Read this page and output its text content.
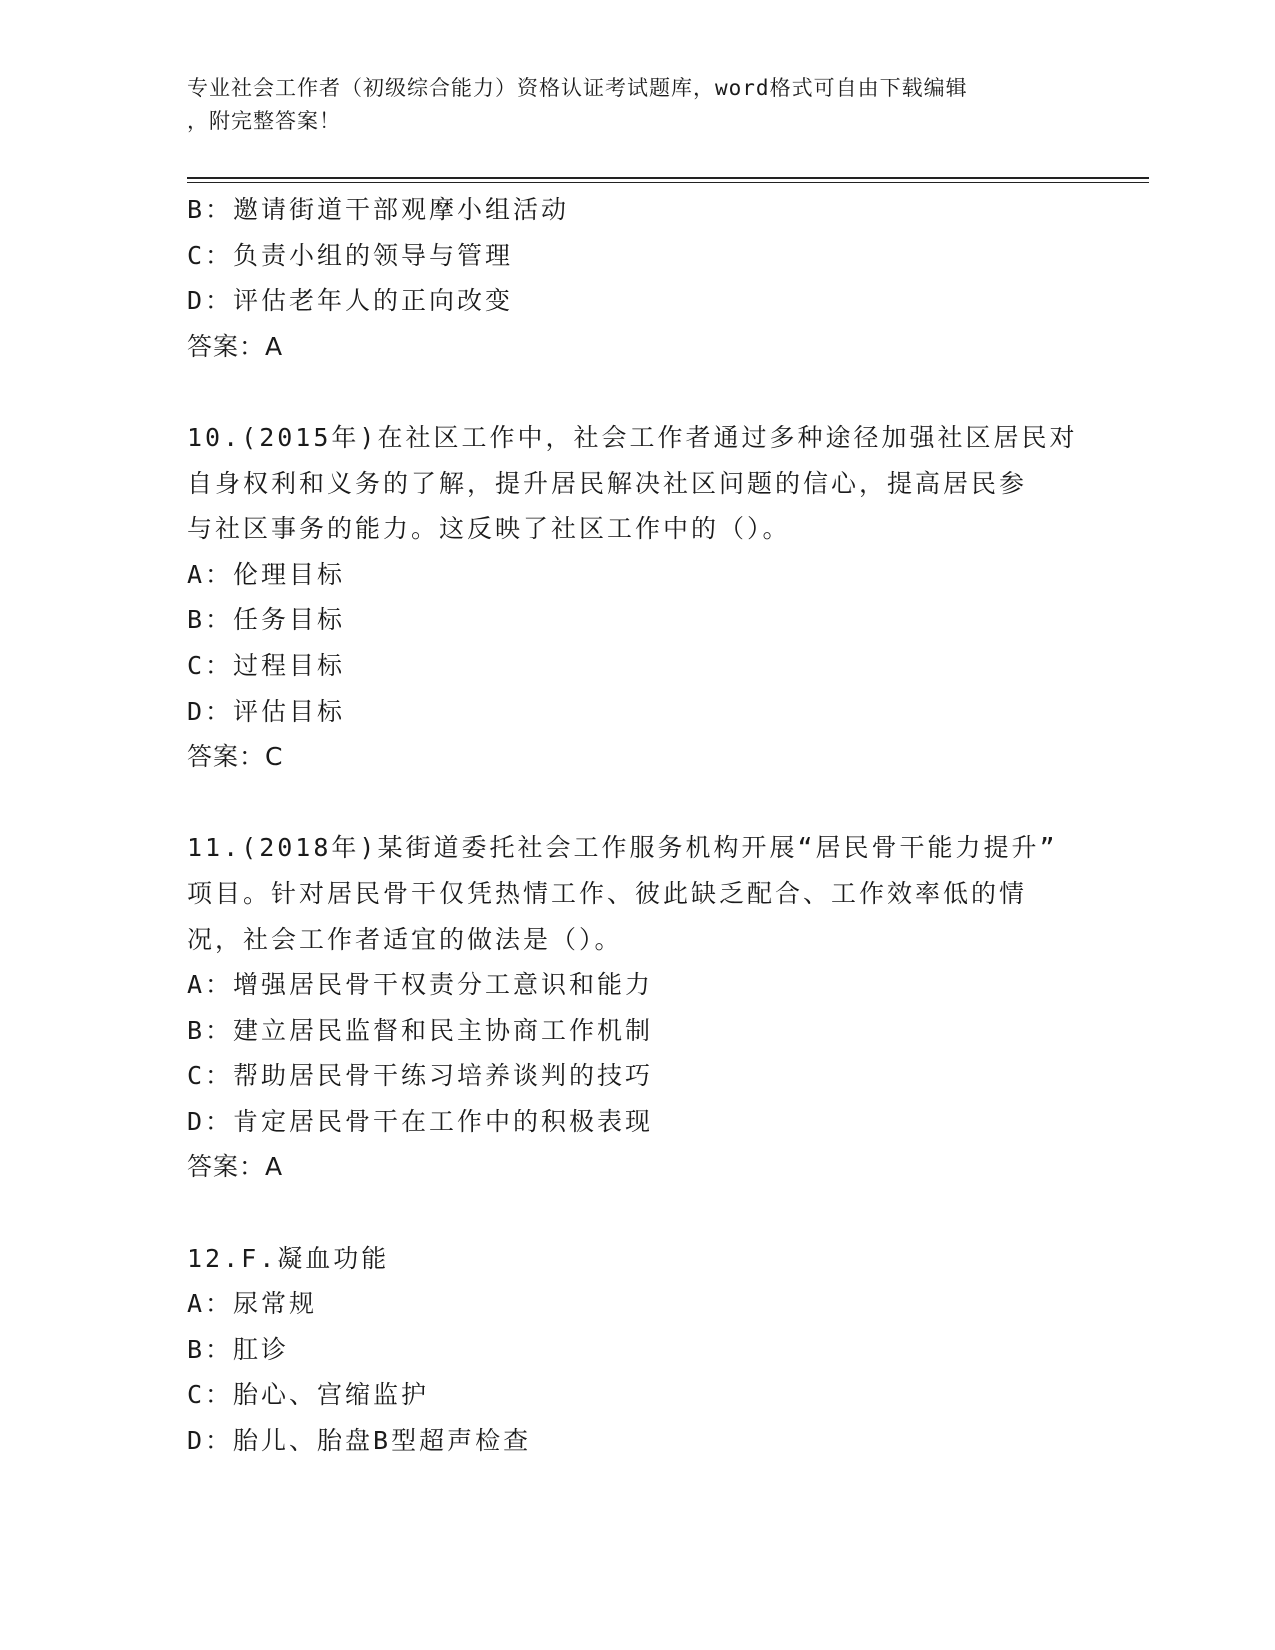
专业社会工作者（初级综合能力）资格认证考试题库，word格式可自由下载编辑
，附完整答案！
B：邀请街道干部观摩小组活动
C：负责小组的领导与管理
D：评估老年人的正向改变
答案：A
10.(2015年)在社区工作中，社会工作者通过多种途径加强社区居民对
自身权利和义务的了解，提升居民解决社区问题的信心，提高居民参
与社区事务的能力。这反映了社区工作中的（）。
A：伦理目标
B：任务目标
C：过程目标
D：评估目标
答案：C
11.(2018年)某街道委托社会工作服务机构开展“居民骨干能力提升”
项目。针对居民骨干仅凭热情工作、彼此缺乏配合、工作效率低的情
况，社会工作者适宜的做法是（）。
A：增强居民骨干权责分工意识和能力
B：建立居民监督和民主协商工作机制
C：帮助居民骨干练习培养谈判的技巧
D：肯定居民骨干在工作中的积极表现
答案：A
12.F.凝血功能
A：尿常规
B：肛诊
C：胎心、宫缩监护
D：胎儿、胎盘B型超声检查
